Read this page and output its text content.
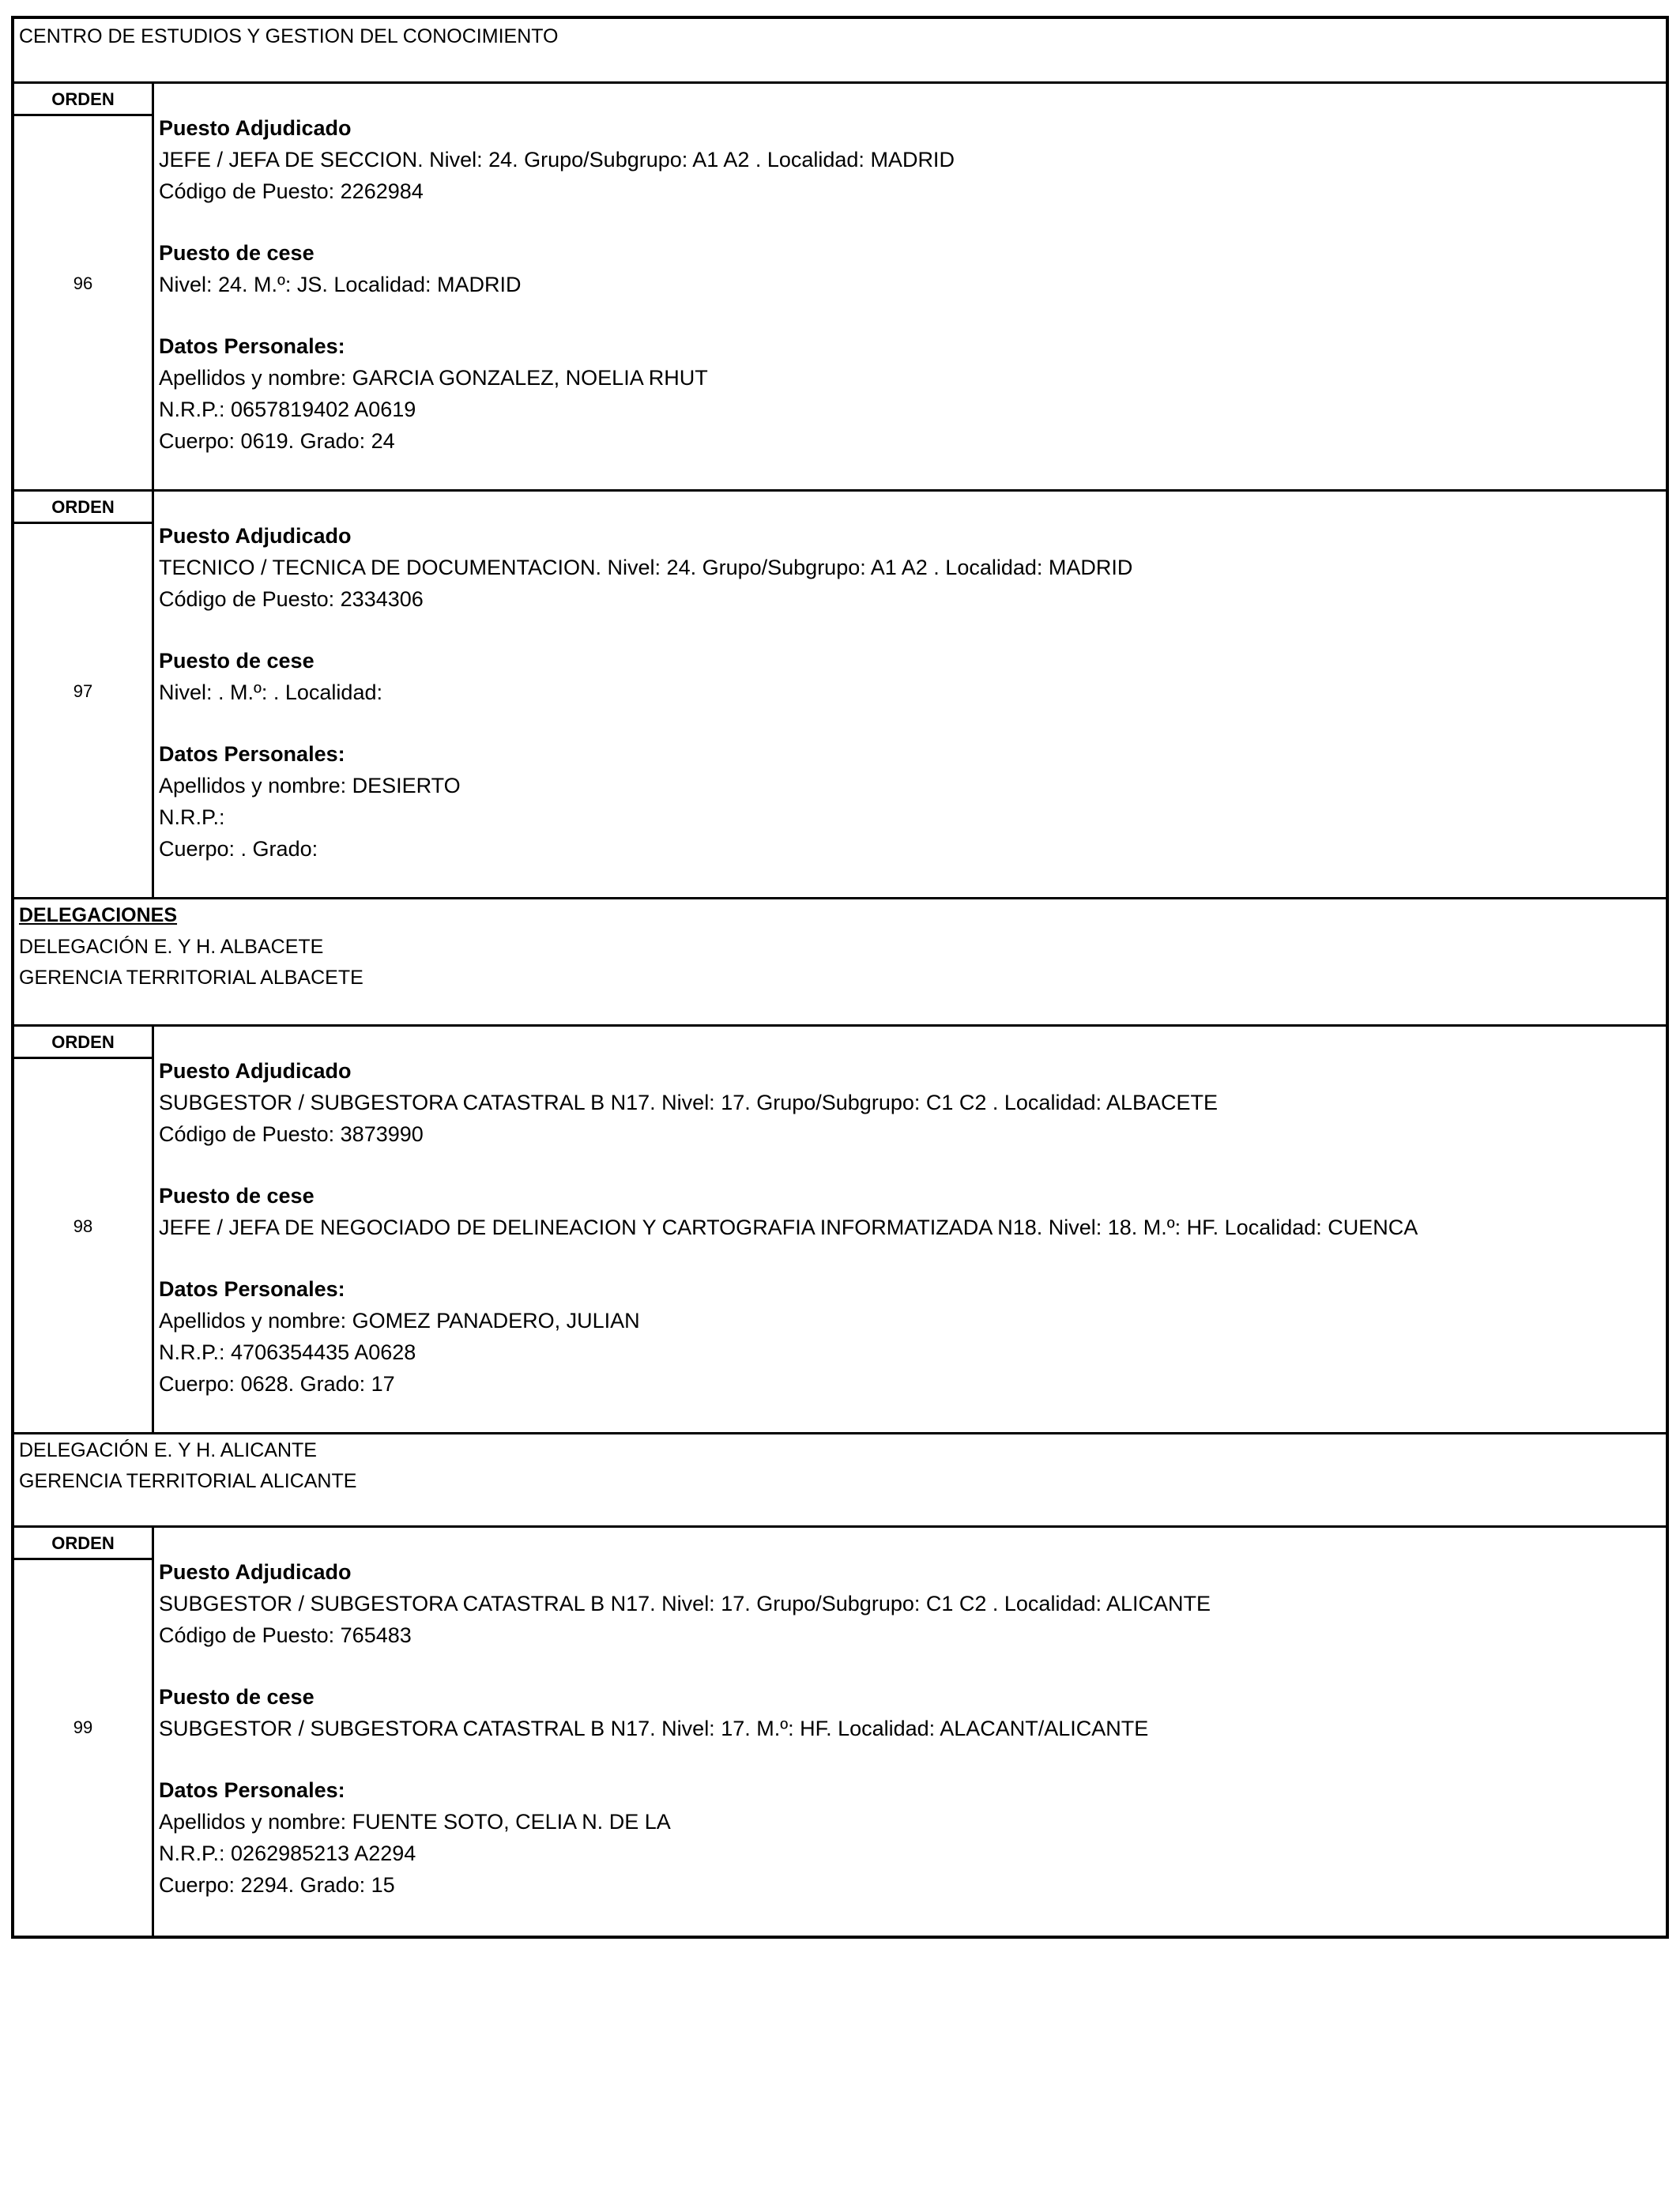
CENTRO DE ESTUDIOS Y GESTION DEL CONOCIMIENTO
ORDEN
96
Puesto Adjudicado
JEFE / JEFA DE SECCION. Nivel: 24. Grupo/Subgrupo: A1 A2 . Localidad: MADRID
Código de Puesto: 2262984
Puesto de cese
Nivel: 24. M.º: JS. Localidad: MADRID
Datos Personales:
Apellidos y nombre: GARCIA GONZALEZ, NOELIA RHUT
N.R.P.: 0657819402 A0619
Cuerpo: 0619. Grado: 24
ORDEN
97
Puesto Adjudicado
TECNICO / TECNICA DE DOCUMENTACION. Nivel: 24. Grupo/Subgrupo: A1 A2 . Localidad: MADRID
Código de Puesto: 2334306
Puesto de cese
Nivel: . M.º: . Localidad:
Datos Personales:
Apellidos y nombre: DESIERTO
N.R.P.:
Cuerpo: . Grado:
DELEGACIONES
DELEGACIÓN E. Y H. ALBACETE
GERENCIA TERRITORIAL ALBACETE
ORDEN
98
Puesto Adjudicado
SUBGESTOR / SUBGESTORA CATASTRAL B N17. Nivel: 17. Grupo/Subgrupo: C1 C2 . Localidad: ALBACETE
Código de Puesto: 3873990
Puesto de cese
JEFE / JEFA DE NEGOCIADO DE DELINEACION Y CARTOGRAFIA INFORMATIZADA N18. Nivel: 18. M.º: HF. Localidad: CUENCA
Datos Personales:
Apellidos y nombre: GOMEZ PANADERO, JULIAN
N.R.P.: 4706354435 A0628
Cuerpo: 0628. Grado: 17
DELEGACIÓN E. Y H. ALICANTE
GERENCIA TERRITORIAL ALICANTE
ORDEN
99
Puesto Adjudicado
SUBGESTOR / SUBGESTORA CATASTRAL B N17. Nivel: 17. Grupo/Subgrupo: C1 C2 . Localidad: ALICANTE
Código de Puesto: 765483
Puesto de cese
SUBGESTOR / SUBGESTORA CATASTRAL B N17. Nivel: 17. M.º: HF. Localidad: ALACANT/ALICANTE
Datos Personales:
Apellidos y nombre: FUENTE SOTO, CELIA N. DE LA
N.R.P.: 0262985213 A2294
Cuerpo: 2294. Grado: 15
